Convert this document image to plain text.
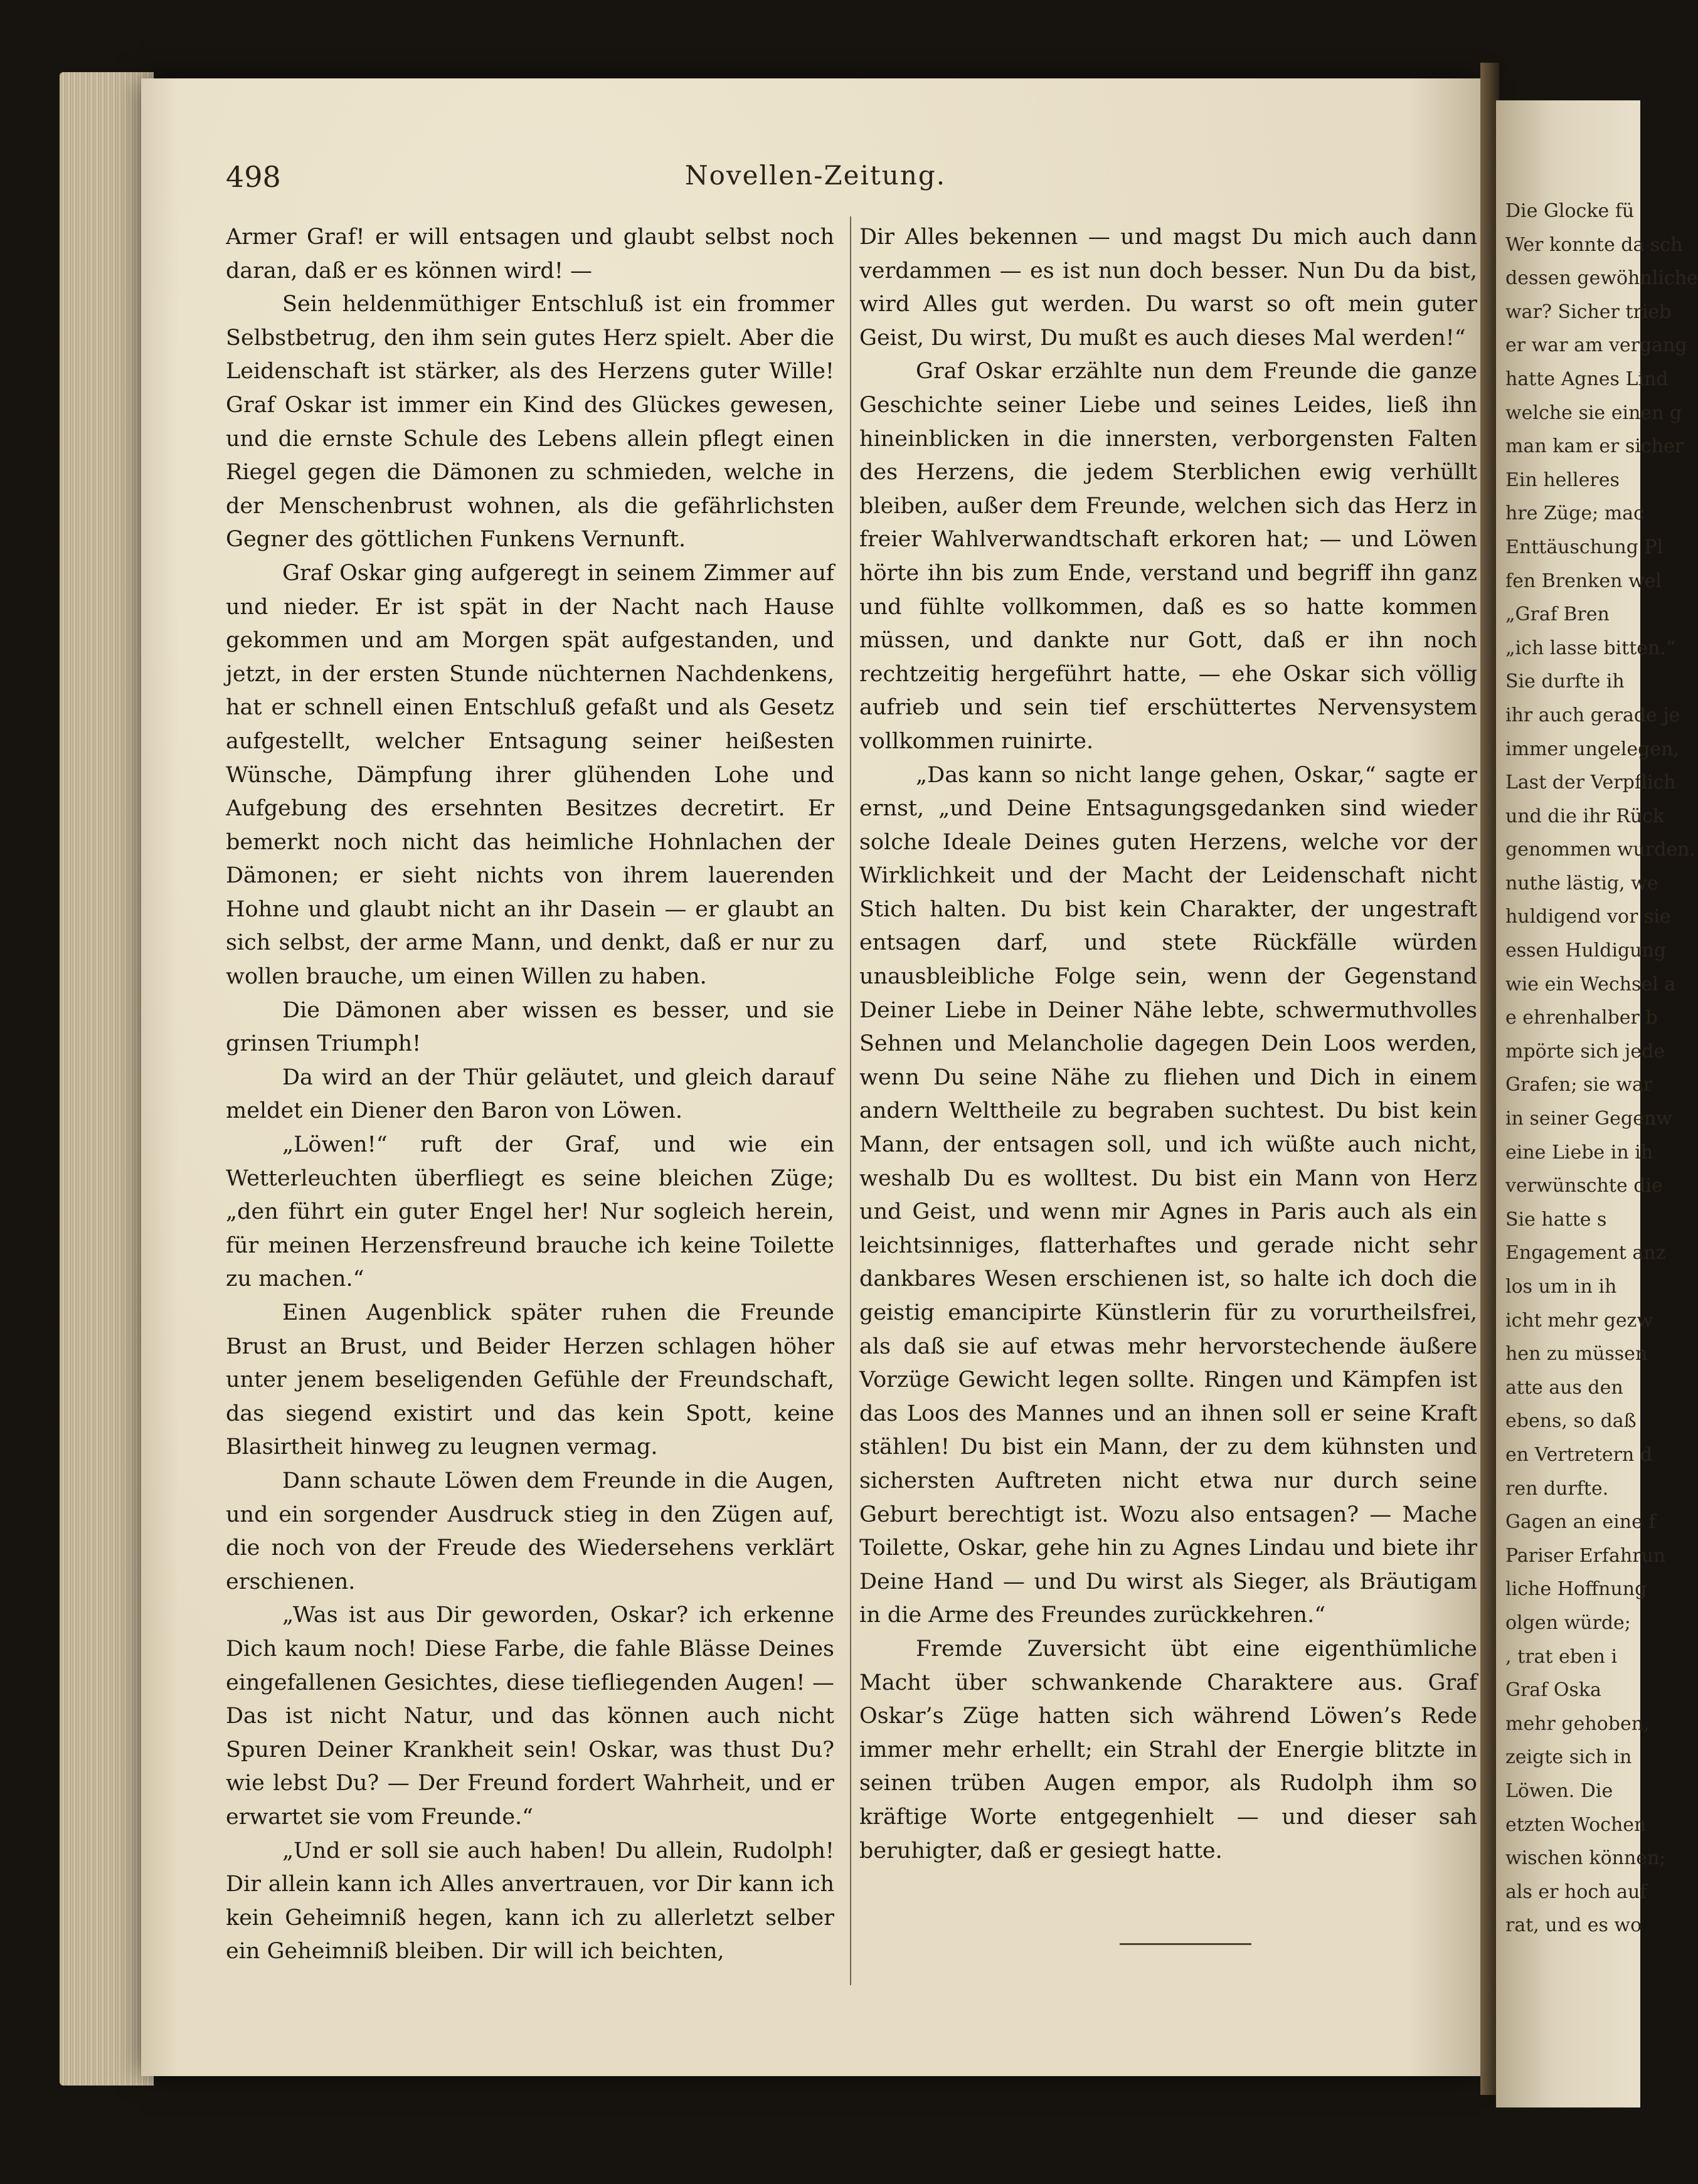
498	Novellen-Zeitung.

Armer Graf! er will entsagen und glaubt selbst noch daran, daß er es können wird! —

Sein heldenmüthiger Entschluß ist ein frommer Selbstbetrug, den ihm sein gutes Herz spielt. Aber die Leidenschaft ist stärker, als des Herzens guter Wille! Graf Oskar ist immer ein Kind des Glückes gewesen, und die ernste Schule des Lebens allein pflegt einen Riegel gegen die Dämonen zu schmieden, welche in der Menschenbrust wohnen, als die gefährlichsten Gegner des göttlichen Funkens Vernunft.

Graf Oskar ging aufgeregt in seinem Zimmer auf und nieder. Er ist spät in der Nacht nach Hause gekommen und am Morgen spät aufgestanden, und jetzt, in der ersten Stunde nüchternen Nachdenkens, hat er schnell einen Entschluß gefaßt und als Gesetz aufgestellt, welcher Entsagung seiner heißesten Wünsche, Dämpfung ihrer glühenden Lohe und Aufgebung des ersehnten Besitzes decretirt. Er bemerkt noch nicht das heimliche Hohnlachen der Dämonen; er sieht nichts von ihrem lauerenden Hohne und glaubt nicht an ihr Dasein — er glaubt an sich selbst, der arme Mann, und denkt, daß er nur zu wollen brauche, um einen Willen zu haben.

Die Dämonen aber wissen es besser, und sie grinsen Triumph!

Da wird an der Thür geläutet, und gleich darauf meldet ein Diener den Baron von Löwen.

„Löwen!“ ruft der Graf, und wie ein Wetterleuchten überfliegt es seine bleichen Züge; „den führt ein guter Engel her! Nur sogleich herein, für meinen Herzensfreund brauche ich keine Toilette zu machen.“

Einen Augenblick später ruhen die Freunde Brust an Brust, und Beider Herzen schlagen höher unter jenem beseligenden Gefühle der Freundschaft, das siegend existirt und das kein Spott, keine Blasirtheit hinweg zu leugnen vermag.

Dann schaute Löwen dem Freunde in die Augen, und ein sorgender Ausdruck stieg in den Zügen auf, die noch von der Freude des Wiedersehens verklärt erschienen.

„Was ist aus Dir geworden, Oskar? ich erkenne Dich kaum noch! Diese Farbe, die fahle Blässe Deines eingefallenen Gesichtes, diese tiefliegenden Augen! — Das ist nicht Natur, und das können auch nicht Spuren Deiner Krankheit sein! Oskar, was thust Du? wie lebst Du? — Der Freund fordert Wahrheit, und er erwartet sie vom Freunde.“

„Und er soll sie auch haben! Du allein, Rudolph! Dir allein kann ich Alles anvertrauen, vor Dir kann ich kein Geheimniß hegen, kann ich zu allerletzt selber ein Geheimniß bleiben. Dir will ich beichten,

Dir Alles bekennen — und magst Du mich auch dann verdammen — es ist nun doch besser. Nun Du da bist, wird Alles gut werden. Du warst so oft mein guter Geist, Du wirst, Du mußt es auch dieses Mal werden!“

Graf Oskar erzählte nun dem Freunde die ganze Geschichte seiner Liebe und seines Leides, ließ ihn hineinblicken in die innersten, verborgensten Falten des Herzens, die jedem Sterblichen ewig verhüllt bleiben, außer dem Freunde, welchen sich das Herz in freier Wahlverwandtschaft erkoren hat; — und Löwen hörte ihn bis zum Ende, verstand und begriff ihn ganz und fühlte vollkommen, daß es so hatte kommen müssen, und dankte nur Gott, daß er ihn noch rechtzeitig hergeführt hatte, — ehe Oskar sich völlig aufrieb und sein tief erschüttertes Nervensystem vollkommen ruinirte.

„Das kann so nicht lange gehen, Oskar,“ sagte er ernst, „und Deine Entsagungsgedanken sind wieder solche Ideale Deines guten Herzens, welche vor der Wirklichkeit und der Macht der Leidenschaft nicht Stich halten. Du bist kein Charakter, der ungestraft entsagen darf, und stete Rückfälle würden unausbleibliche Folge sein, wenn der Gegenstand Deiner Liebe in Deiner Nähe lebte, schwermuthvolles Sehnen und Melancholie dagegen Dein Loos werden, wenn Du seine Nähe zu fliehen und Dich in einem andern Welttheile zu begraben suchtest. Du bist kein Mann, der entsagen soll, und ich wüßte auch nicht, weshalb Du es wolltest. Du bist ein Mann von Herz und Geist, und wenn mir Agnes in Paris auch als ein leichtsinniges, flatterhaftes und gerade nicht sehr dankbares Wesen erschienen ist, so halte ich doch die geistig emancipirte Künstlerin für zu vorurtheilsfrei, als daß sie auf etwas mehr hervorstechende äußere Vorzüge Gewicht legen sollte. Ringen und Kämpfen ist das Loos des Mannes und an ihnen soll er seine Kraft stählen! Du bist ein Mann, der zu dem kühnsten und sichersten Auftreten nicht etwa nur durch seine Geburt berechtigt ist. Wozu also entsagen? — Mache Toilette, Oskar, gehe hin zu Agnes Lindau und biete ihr Deine Hand — und Du wirst als Sieger, als Bräutigam in die Arme des Freundes zurückkehren.“

Fremde Zuversicht übt eine eigenthümliche Macht über schwankende Charaktere aus. Graf Oskar’s Züge hatten sich während Löwen’s Rede immer mehr erhellt; ein Strahl der Energie blitzte in seinen trüben Augen empor, als Rudolph ihm so kräftige Worte entgegenhielt — und dieser sah beruhigter, daß er gesiegt hatte.

Die Glocke fü
Wer konnte da sch
dessen gewöhnliche
war? Sicher trieb
er war am vergang
hatte Agnes Lind
welche sie einen g
man kam er sicher
Ein helleres
hre Züge; mac
Enttäuschung Pl
fen Brenken wel
„Graf Bren
„ich lasse bitten.“
Sie durfte ih
ihr auch gerade je
immer ungelegen,
Last der Verpflich
und die ihr Rück
genommen wurden.
nuthe lästig, we
huldigend vor sie
essen Huldigung
wie ein Wechsel a
e ehrenhalber b
mpörte sich jede
Grafen; sie war
in seiner Gegenw
eine Liebe in ih
verwünschte die
Sie hatte s
Engagement anz
los um in ih
icht mehr gezw
hen zu müssen
atte aus den
ebens, so daß
en Vertretern d
ren durfte.
Gagen an eine f
Pariser Erfahrun
liche Hoffnung
olgen würde;
, trat eben i
Graf Oska
mehr gehoben,
zeigte sich in
Löwen. Die
etzten Wochen
wischen können;
als er hoch auf
rat, und es wo
